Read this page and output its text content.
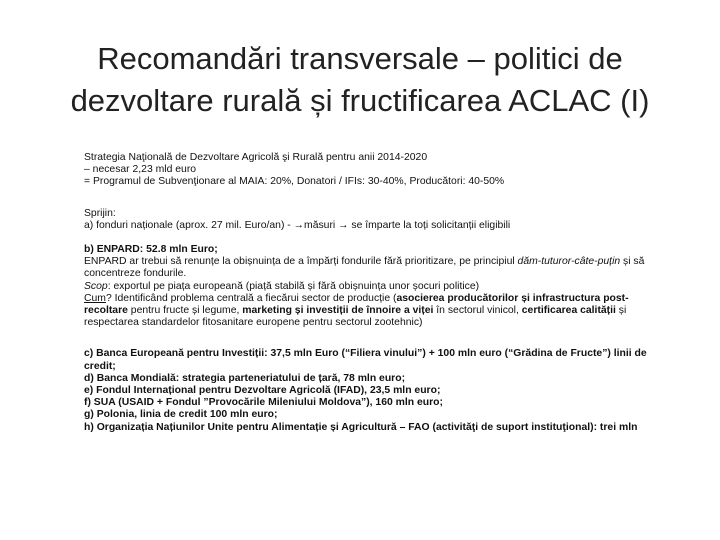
Recomandări transversale – politici de
dezvoltare rurală și fructificarea ACLAC (I)

Strategia Naţională de Dezvoltare Agricolă şi Rurală pentru anii 2014-2020

– necesar 2,23 mld euro

= Programul de Subvenţionare al MAIA: 20%, Donatori / IFIs: 30-40%, Producători: 40-50%

Sprijin:

a) fonduri naționale (aprox. 27 mil. Euro/an) - →măsuri → se împarte la toți solicitanții eligibili

b) ENPARD: 52.8 mln Euro;

ENPARD ar trebui să renunțe la obișnuința de a împărți fondurile fără prioritizare, pe principiul dăm-tuturor-câte-puțin și să concentreze fondurile.

Scop: exportul pe piața europeană (piață stabilă și fără obișnuința unor șocuri politice)

Cum? Identificând problema centrală a fiecărui sector de producție (asocierea producătorilor și infrastructura post-recoltare pentru fructe și legume, marketing și investiții de înnoire a viței în sectorul vinicol, certificarea calității și respectarea standardelor fitosanitare europene pentru sectorul zootehnic)

c) Banca Europeană pentru Investiții: 37,5 mln Euro (“Filiera vinului”) + 100 mln euro (“Grădina de Fructe”) linii de credit;

d) Banca Mondială: strategia parteneriatului de țară, 78 mln euro;

e) Fondul Internațional pentru Dezvoltare Agricolă (IFAD), 23,5 mln euro;

f) SUA (USAID + Fondul ”Provocările Mileniului Moldova”), 160 mln euro;

g) Polonia, linia de credit 100 mln euro;

h) Organizația Națiunilor Unite pentru Alimentație și Agricultură – FAO (activităţi de suport instituţional): trei mln
